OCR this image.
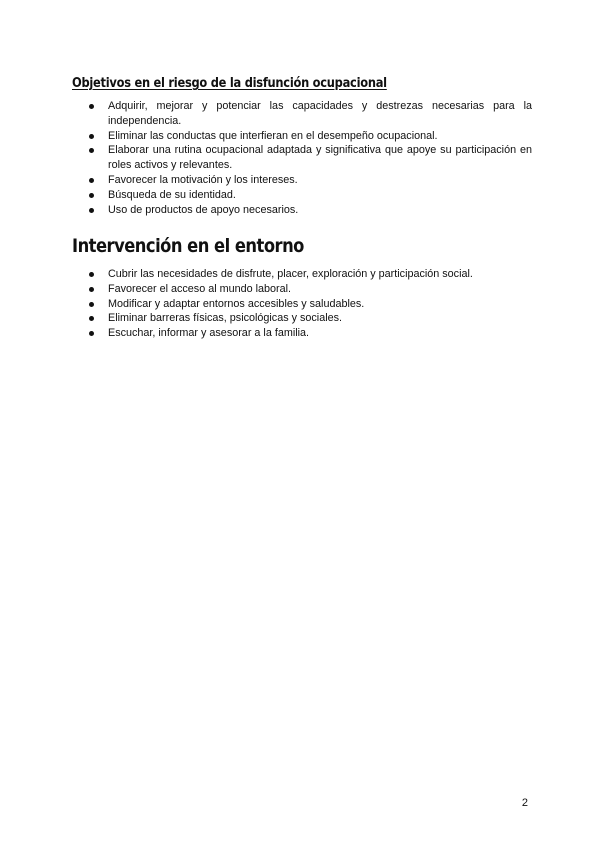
Objetivos en el riesgo de la disfunción ocupacional
Adquirir, mejorar y potenciar las capacidades y destrezas necesarias para la independencia.
Eliminar las conductas que interfieran en el desempeño ocupacional.
Elaborar una rutina ocupacional adaptada y significativa que apoye su participación en roles activos y relevantes.
Favorecer la motivación y los intereses.
Búsqueda de su identidad.
Uso de productos de apoyo necesarios.
Intervención en el entorno
Cubrir las necesidades de disfrute, placer, exploración y participación social.
Favorecer el acceso al mundo laboral.
Modificar y adaptar entornos accesibles y saludables.
Eliminar barreras físicas, psicológicas y sociales.
Escuchar, informar y asesorar a la familia.
2
